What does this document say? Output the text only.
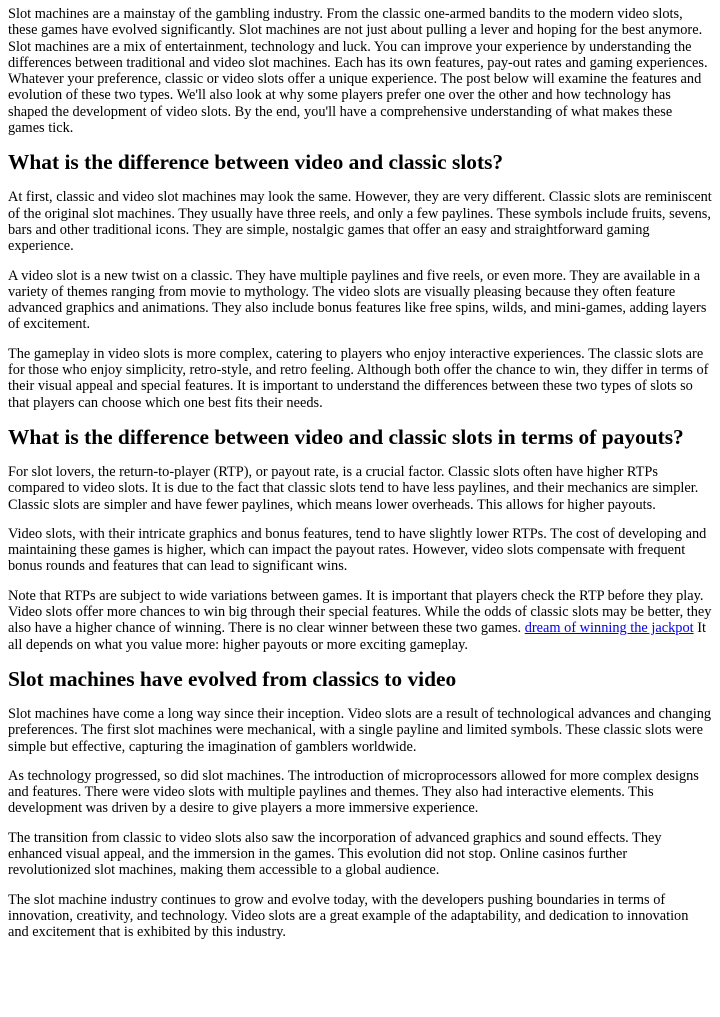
Slot machines are a mainstay of the gambling industry. From the classic one-armed bandits to the modern video slots, these games have evolved significantly. Slot machines are not just about pulling a lever and hoping for the best anymore. Slot machines are a mix of entertainment, technology and luck. You can improve your experience by understanding the differences between traditional and video slot machines. Each has its own features, pay-out rates and gaming experiences. Whatever your preference, classic or video slots offer a unique experience. The post below will examine the features and evolution of these two types. We'll also look at why some players prefer one over the other and how technology has shaped the development of video slots. By the end, you'll have a comprehensive understanding of what makes these games tick.

What is the difference between video and classic slots?

At first, classic and video slot machines may look the same. However, they are very different. Classic slots are reminiscent of the original slot machines. They usually have three reels, and only a few paylines. These symbols include fruits, sevens, bars and other traditional icons. They are simple, nostalgic games that offer an easy and straightforward gaming experience.

A video slot is a new twist on a classic. They have multiple paylines and five reels, or even more. They are available in a variety of themes ranging from movie to mythology. The video slots are visually pleasing because they often feature advanced graphics and animations. They also include bonus features like free spins, wilds, and mini-games, adding layers of excitement.

The gameplay in video slots is more complex, catering to players who enjoy interactive experiences. The classic slots are for those who enjoy simplicity, retro-style, and retro feeling. Although both offer the chance to win, they differ in terms of their visual appeal and special features. It is important to understand the differences between these two types of slots so that players can choose which one best fits their needs.

What is the difference between video and classic slots in terms of payouts?

For slot lovers, the return-to-player (RTP), or payout rate, is a crucial factor. Classic slots often have higher RTPs compared to video slots. It is due to the fact that classic slots tend to have less paylines, and their mechanics are simpler. Classic slots are simpler and have fewer paylines, which means lower overheads. This allows for higher payouts.

Video slots, with their intricate graphics and bonus features, tend to have slightly lower RTPs. The cost of developing and maintaining these games is higher, which can impact the payout rates. However, video slots compensate with frequent bonus rounds and features that can lead to significant wins.

Note that RTPs are subject to wide variations between games. It is important that players check the RTP before they play. Video slots offer more chances to win big through their special features. While the odds of classic slots may be better, they also have a higher chance of winning. There is no clear winner between these two games. dream of winning the jackpot It all depends on what you value more: higher payouts or more exciting gameplay.

Slot machines have evolved from classics to video

Slot machines have come a long way since their inception. Video slots are a result of technological advances and changing preferences. The first slot machines were mechanical, with a single payline and limited symbols. These classic slots were simple but effective, capturing the imagination of gamblers worldwide.

As technology progressed, so did slot machines. The introduction of microprocessors allowed for more complex designs and features. There were video slots with multiple paylines and themes. They also had interactive elements. This development was driven by a desire to give players a more immersive experience.

The transition from classic to video slots also saw the incorporation of advanced graphics and sound effects. They enhanced visual appeal, and the immersion in the games. This evolution did not stop. Online casinos further revolutionized slot machines, making them accessible to a global audience.

The slot machine industry continues to grow and evolve today, with the developers pushing boundaries in terms of innovation, creativity, and technology. Video slots are a great example of the adaptability, and dedication to innovation and excitement that is exhibited by this industry.
